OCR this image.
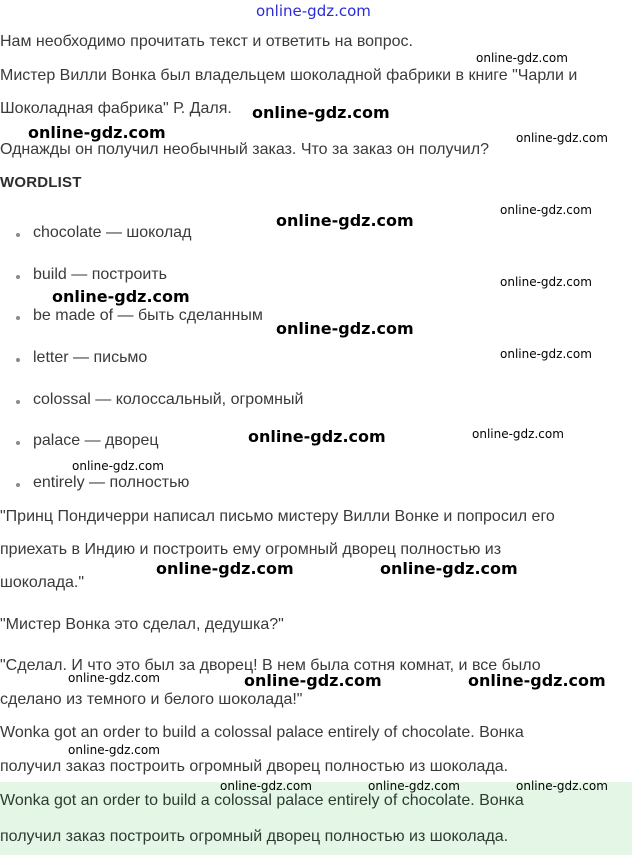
online-gdz.com
Нам необходимо прочитать текст и ответить на вопрос.
Мистер Вилли Вонка был владельцем шоколадной фабрики в книге "Чарли и
Шоколадная фабрика" Р. Даля.
Однажды он получил необычный заказ. Что за заказ он получил?
WORDLIST
chocolate — шоколад
build — построить
be made of — быть сделанным
letter — письмо
colossal — колоссальный, огромный
palace — дворец
entirely — полностью
"Принц Пондичерри написал письмо мистеру Вилли Вонке и попросил его
приехать в Индию и построить ему огромный дворец полностью из
шоколада."
"Мистер Вонка это сделал, дедушка?"
"Сделал. И что это был за дворец! В нем была сотня комнат, и все было
сделано из темного и белого шоколада!"
Wonka got an order to build a colossal palace entirely of chocolate. Вонка
получил заказ построить огромный дворец полностью из шоколада.
Wonka got an order to build a colossal palace entirely of chocolate. Вонка
получил заказ построить огромный дворец полностью из шоколада.
online-gdz.com
online-gdz.com
online-gdz.com	online-gdz.com
online-gdz.com
online-gdz.com
online-gdz.com
online-gdz.com
online-gdz.com
online-gdz.com
online-gdz.com
online-gdz.com
online-gdz.com
online-gdz.com	online-gdz.com
online-gdz.com	online-gdz.com	online-gdz.com
online-gdz.com
online-gdz.com	online-gdz.com	online-gdz.com
